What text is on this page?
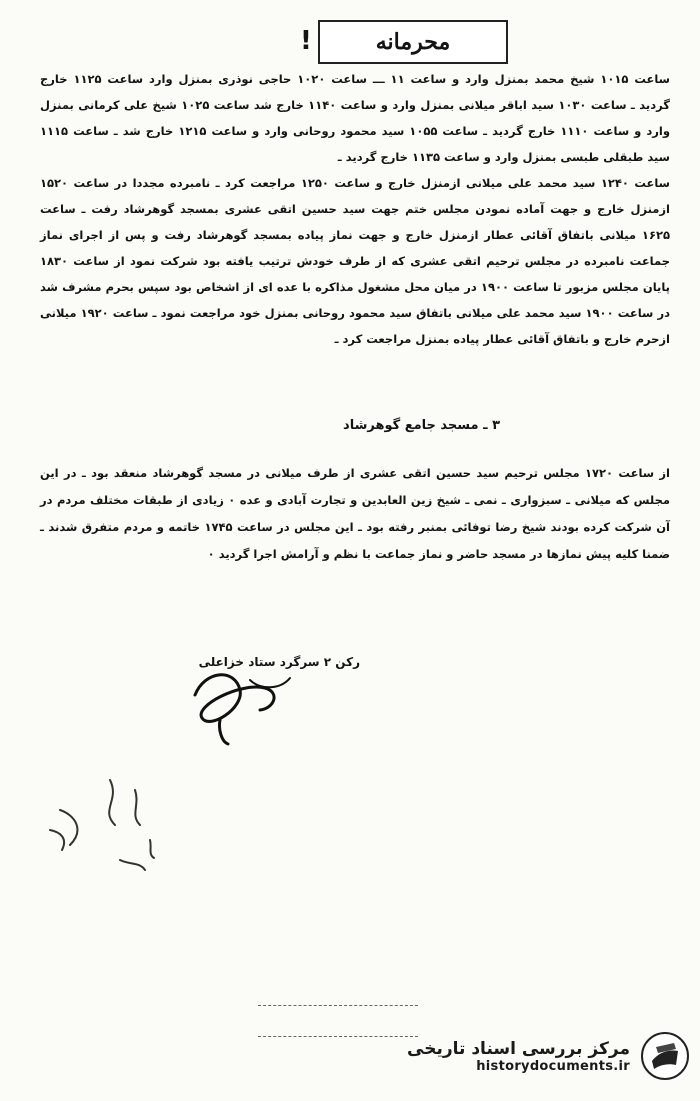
!	محرمانه

ساعت ۱۰۱۵ شیخ محمد بمنزل وارد و ساعت ۱۱ ـــ ساعت ۱۰۲۰ حاجی نوذری بمنزل وارد ساعت ۱۱۲۵ خارج گردید ـ ساعت ۱۰۳۰ سید اباقر میلانی بمنزل وارد و ساعت ۱۱۴۰ خارج شد ساعت ۱۰۲۵ شیخ علی کرمانی بمنزل وارد و ساعت ۱۱۱۰ خارج گردید ـ ساعت ۱۰۵۵ سید محمود روحانی وارد و ساعت ۱۲۱۵ خارج شد ـ ساعت ۱۱۱۵ سید طبقلی طبسی بمنزل وارد و ساعت ۱۱۳۵ خارج گردید ـ

ساعت ۱۲۴۰ سید محمد علی میلانی ازمنزل خارج و ساعت ۱۲۵۰ مراجعت کرد ـ نامبرده مجددا در ساعت ۱۵۲۰ ازمنزل خارج و جهت آماده نمودن مجلس ختم جهت سید حسین اتقی عشری بمسجد گوهرشاد رفت ـ ساعت ۱۶۲۵ میلانی باتفاق آقائی عطار ازمنزل خارج و جهت نماز پیاده بمسجد گوهرشاد رفت و پس از اجرای نماز جماعت نامبرده در مجلس ترحیم اتقی عشری که از طرف خودش ترتیب یافته بود شرکت نمود از ساعت ۱۸۳۰ پایان مجلس مزبور تا ساعت ۱۹۰۰ در میان محل مشغول مذاکره با عده ای از اشخاص بود سپس بحرم مشرف شد در ساعت ۱۹۰۰ سید محمد علی میلانی باتفاق سید محمود روحانی بمنزل خود مراجعت نمود ـ ساعت ۱۹۲۰ میلانی ازحرم خارج و باتفاق آقائی عطار پیاده بمنزل مراجعت کرد ـ

۳ ـ مسجد جامع گوهرشاد

از ساعت ۱۷۲۰ مجلس ترحیم سید حسین اتقی عشری از طرف میلانی در مسجد گوهرشاد منعقد بود ـ در این مجلس که میلانی ـ سبزواری ـ نمی ـ شیخ زین العابدین و تجارت آبادی و عده ۰ زیادی از طبقات مختلف مردم در آن شرکت کرده بودند شیخ رضا توفائی بمنبر رفته بود ـ این مجلس در ساعت ۱۷۴۵ خاتمه و مردم متفرق شدند ـ ضمنا کلیه پیش نمازها در مسجد حاضر و نماز جماعت با نظم و آرامش اجرا گردید ۰

رکن ۲ سرگرد ستاد خزاعلی
مرکز بررسی اسناد تاریخی
historydocuments.ir
